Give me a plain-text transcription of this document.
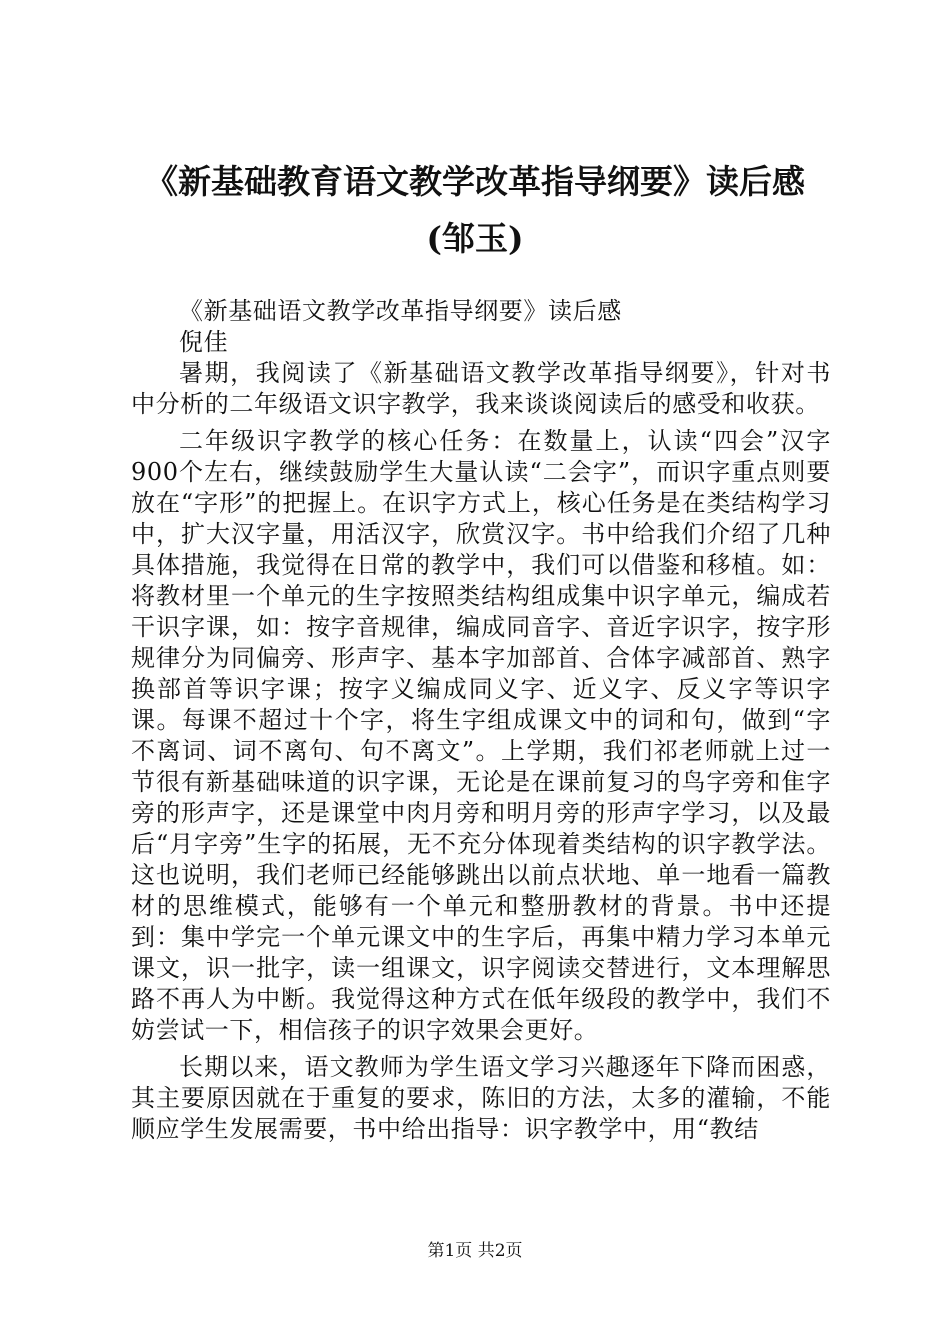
《新基础教育语文教学改革指导纲要》读后感
(邹玉)

《新基础语文教学改革指导纲要》读后感

倪佳

暑期，我阅读了《新基础语文教学改革指导纲要》，针对书中分析的二年级语文识字教学，我来谈谈阅读后的感受和收获。

二年级识字教学的核心任务：在数量上，认读“四会”汉字900个左右，继续鼓励学生大量认读“二会字”，而识字重点则要放在“字形”的把握上。在识字方式上，核心任务是在类结构学习中，扩大汉字量，用活汉字，欣赏汉字。书中给我们介绍了几种具体措施，我觉得在日常的教学中，我们可以借鉴和移植。如：将教材里一个单元的生字按照类结构组成集中识字单元，编成若干识字课，如：按字音规律，编成同音字、音近字识字，按字形规律分为同偏旁、形声字、基本字加部首、合体字减部首、熟字换部首等识字课；按字义编成同义字、近义字、反义字等识字课。每课不超过十个字，将生字组成课文中的词和句，做到“字不离词、词不离句、句不离文”。上学期，我们祁老师就上过一节很有新基础味道的识字课，无论是在课前复习的鸟字旁和隹字旁的形声字，还是课堂中肉月旁和明月旁的形声字学习，以及最后“月字旁”生字的拓展，无不充分体现着类结构的识字教学法。这也说明，我们老师已经能够跳出以前点状地、单一地看一篇教材的思维模式，能够有一个单元和整册教材的背景。书中还提到：集中学完一个单元课文中的生字后，再集中精力学习本单元课文，识一批字，读一组课文，识字阅读交替进行，文本理解思路不再人为中断。我觉得这种方式在低年级段的教学中，我们不妨尝试一下，相信孩子的识字效果会更好。

长期以来，语文教师为学生语文学习兴趣逐年下降而困惑，其主要原因就在于重复的要求，陈旧的方法，太多的灌输，不能顺应学生发展需要，书中给出指导：识字教学中，用“教结

第1页 共2页
